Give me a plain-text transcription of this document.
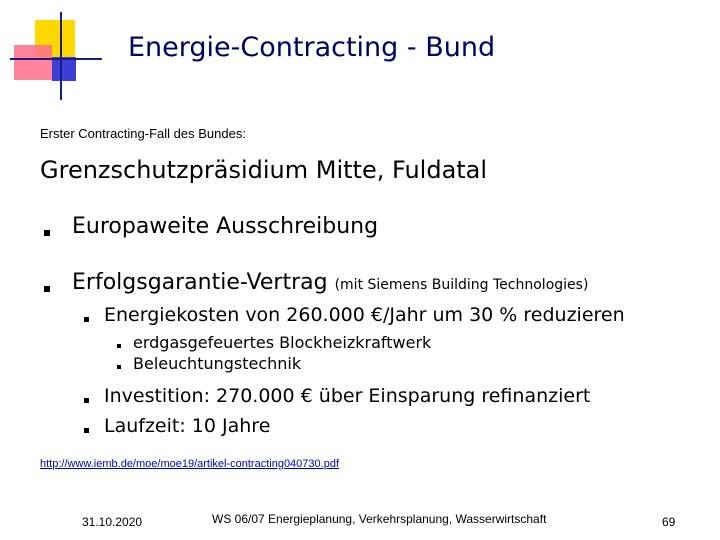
Energie-Contracting - Bund
Erster Contracting-Fall des Bundes:
Grenzschutzpräsidium Mitte, Fuldatal
Europaweite Ausschreibung
Erfolgsgarantie-Vertrag (mit Siemens Building Technologies)
Energiekosten von 260.000 €/Jahr um 30 % reduzieren
erdgasgefeuertes Blockheizkraftwerk
Beleuchtungstechnik
Investition: 270.000 € über Einsparung refinanziert
Laufzeit: 10 Jahre
http://www.iemb.de/moe/moe19/artikel-contracting040730.pdf
31.10.2020	WS 06/07 Energieplanung, Verkehrsplanung, Wasserwirtschaft	69
